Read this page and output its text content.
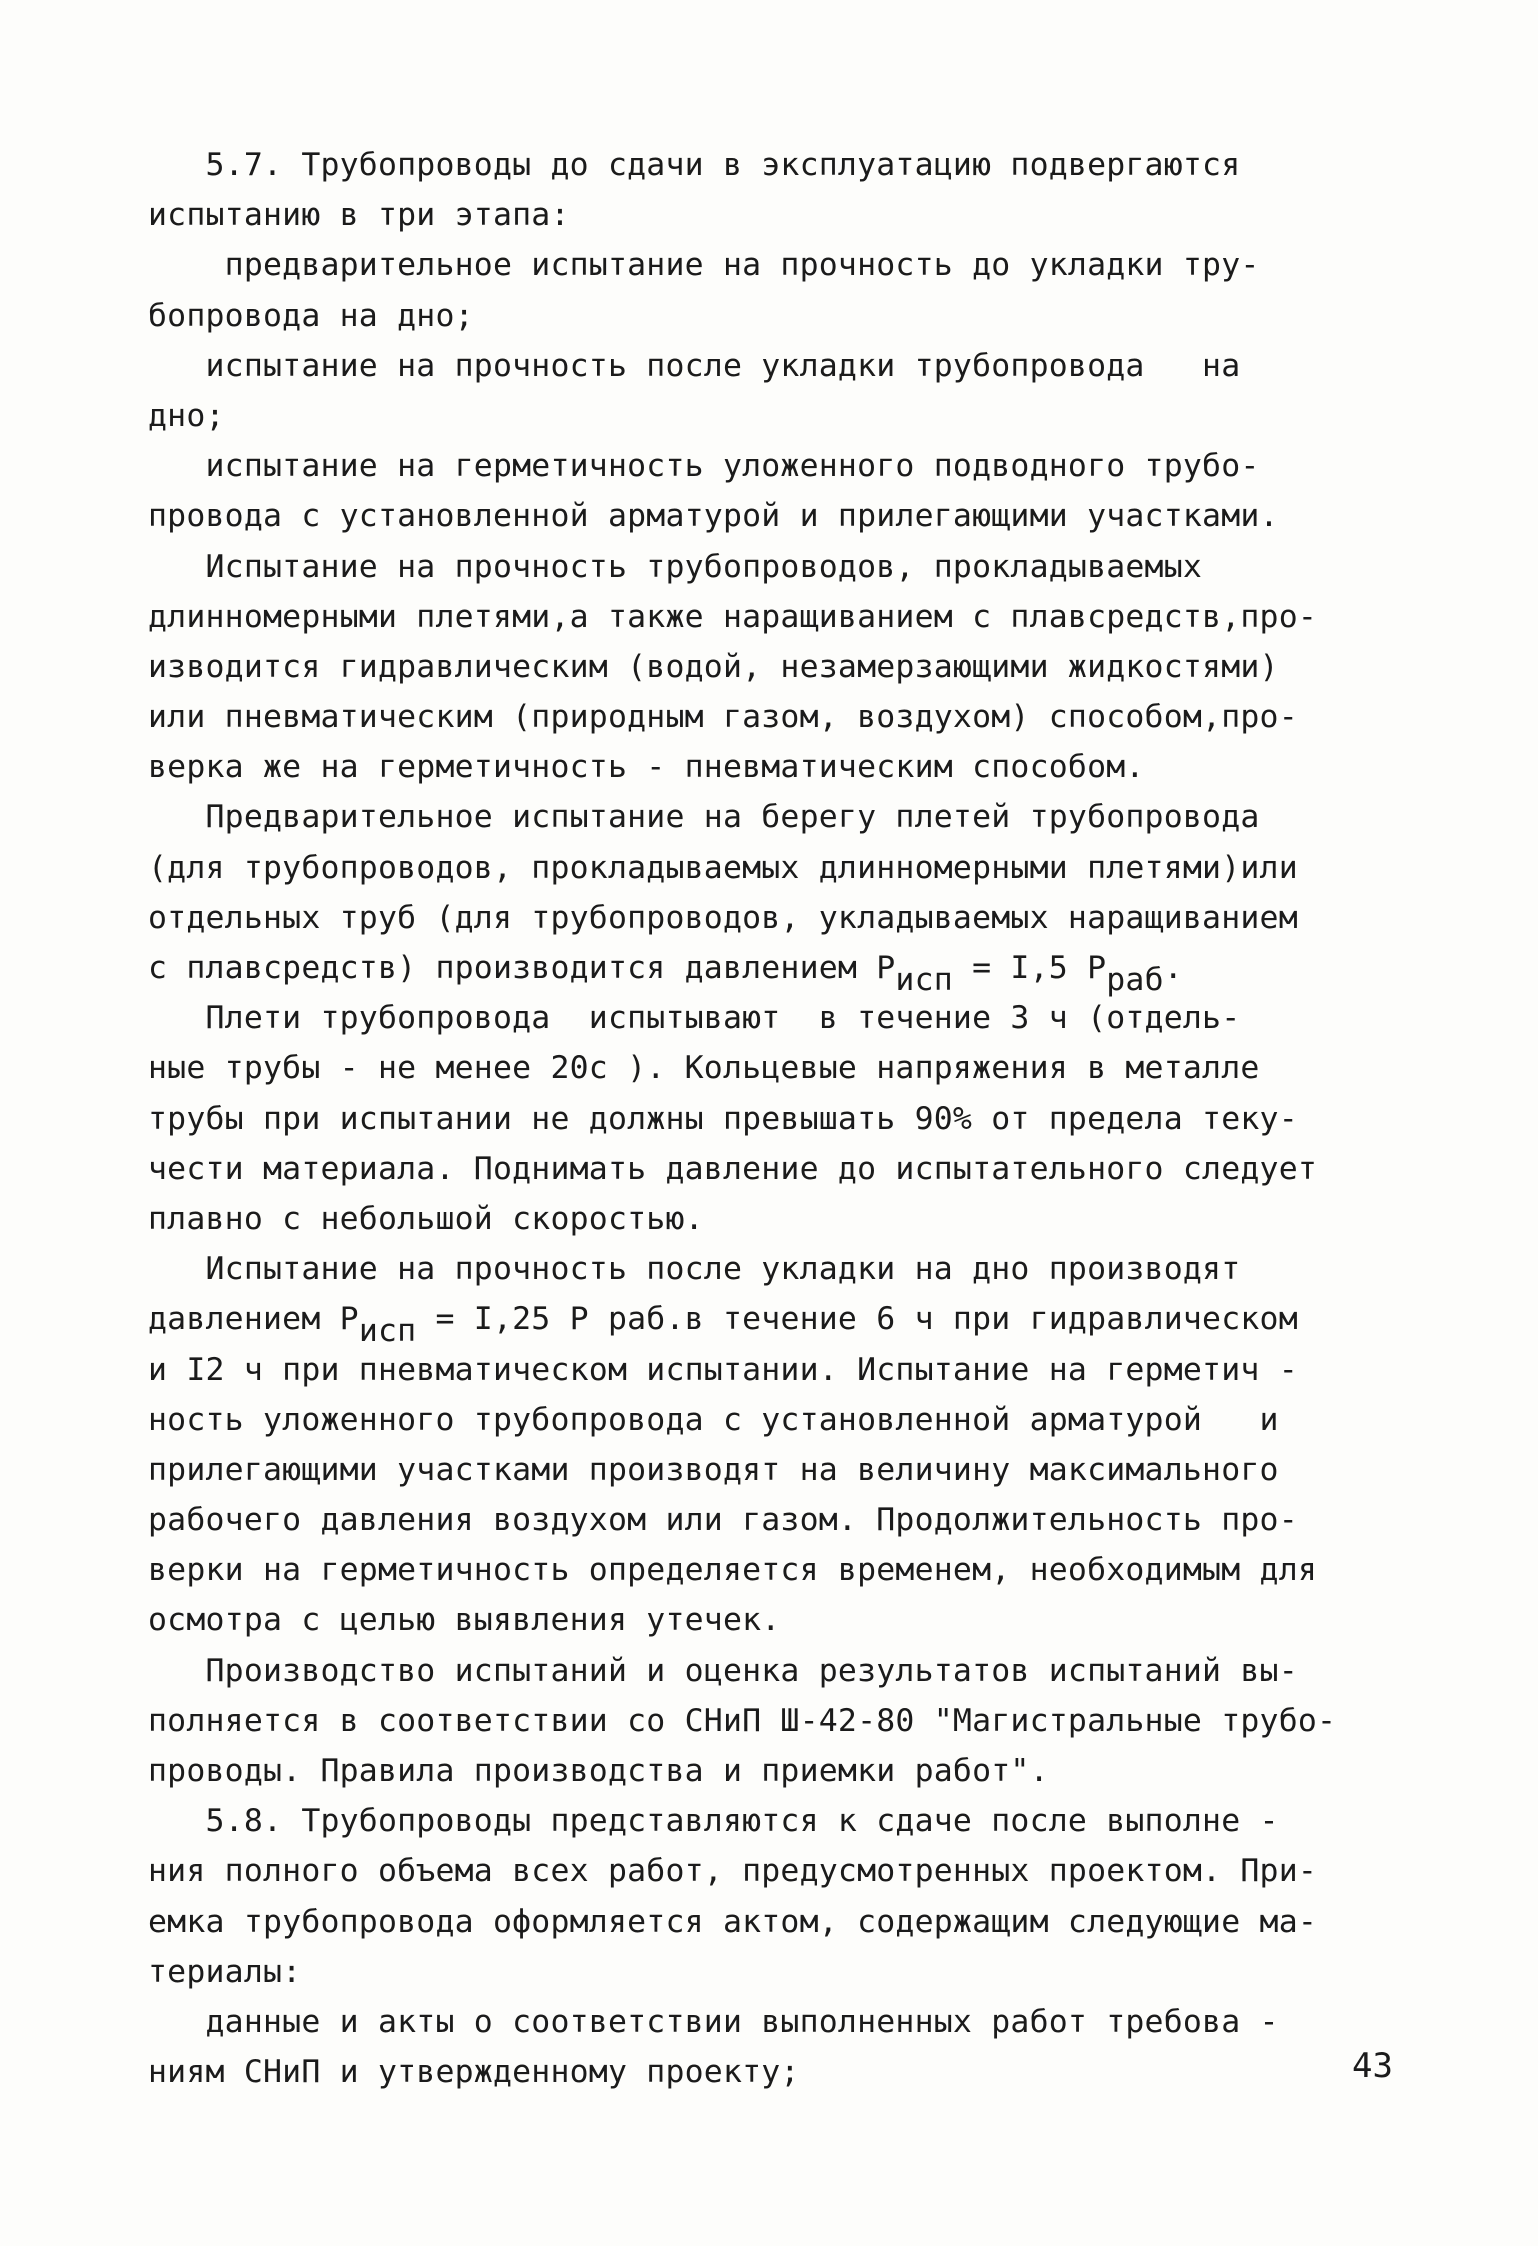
5.7. Трубопроводы до сдачи в эксплуатацию подвергаются
испытанию в три этапа:
предварительное испытание на прочность до укладки тру-
бопровода на дно;
испытание на прочность после укладки трубопровода   на
дно;
испытание на герметичность уложенного подводного трубо-
провода с установленной арматурой и прилегающими участками.
Испытание на прочность трубопроводов, прокладываемых
длинномерными плетями,а также наращиванием с плавсредств,про-
изводится гидравлическим (водой, незамерзающими жидкостями)
или пневматическим (природным газом, воздухом) способом,про-
верка же на герметичность - пневматическим способом.
Предварительное испытание на берегу плетей трубопровода
(для трубопроводов, прокладываемых длинномерными плетями)или
отдельных труб (для трубопроводов, укладываемых наращиванием
с плавсредств) производится давлением Pисп = I,5 Pраб.
Плети трубопровода  испытывают  в течение 3 ч (отдель-
ные трубы - не менее 20с ). Кольцевые напряжения в металле
трубы при испытании не должны превышать 90% от предела теку-
чести материала. Поднимать давление до испытательного следует
плавно с небольшой скоростью.
Испытание на прочность после укладки на дно производят
давлением Pисп = I,25 P раб.в течение 6 ч при гидравлическом
и I2 ч при пневматическом испытании. Испытание на герметич -
ность уложенного трубопровода с установленной арматурой   и
прилегающими участками производят на величину максимального
рабочего давления воздухом или газом. Продолжительность про-
верки на герметичность определяется временем, необходимым для
осмотра с целью выявления утечек.
Производство испытаний и оценка результатов испытаний вы-
полняется в соответствии со СНиП Ш-42-80 "Магистральные трубо-
проводы. Правила производства и приемки работ".
5.8. Трубопроводы представляются к сдаче после выполне -
ния полного объема всех работ, предусмотренных проектом. При-
емка трубопровода оформляется актом, содержащим следующие ма-
териалы:
данные и акты о соответствии выполненных работ требова -
ниям СНиП и утвержденному проекту;	43
